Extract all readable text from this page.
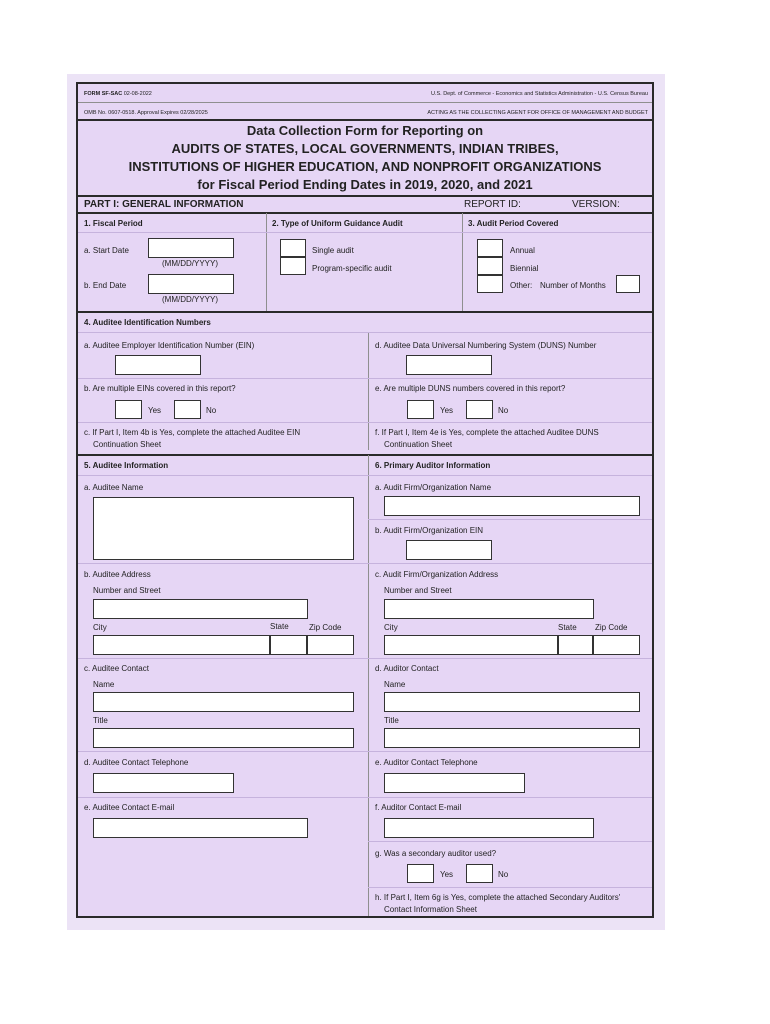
FORM SF-SAC 02-08-2022	U.S. Dept. of Commerce - Economics and Statistics Administration - U.S. Census Bureau
OMB No. 0607-0518. Approval Expires 02/28/2025	ACTING AS THE COLLECTING AGENT FOR OFFICE OF MANAGEMENT AND BUDGET
Data Collection Form for Reporting on
AUDITS OF STATES, LOCAL GOVERNMENTS, INDIAN TRIBES,
INSTITUTIONS OF HIGHER EDUCATION, AND NONPROFIT ORGANIZATIONS
for Fiscal Period Ending Dates in 2019, 2020, and 2021
PART I: GENERAL INFORMATION	REPORT ID:	VERSION:
1. Fiscal Period
a. Start Date
(MM/DD/YYYY)
b. End Date
(MM/DD/YYYY)
2. Type of Uniform Guidance Audit
Single audit
Program-specific audit
3. Audit Period Covered
Annual
Biennial
Other: Number of Months
4. Auditee Identification Numbers
a. Auditee Employer Identification Number (EIN)
b. Are multiple EINs covered in this report?
Yes	No
c. If Part I, Item 4b is Yes, complete the attached Auditee EIN
Continuation Sheet
d. Auditee Data Universal Numbering System (DUNS) Number
e. Are multiple DUNS numbers covered in this report?
Yes	No
f. If Part I, Item 4e is Yes, complete the attached Auditee DUNS
Continuation Sheet
5. Auditee Information	6. Primary Auditor Information
a. Auditee Name
b. Auditee Address
Number and Street
City	State	Zip Code
c. Auditee Contact
Name
Title
d. Auditee Contact Telephone
e. Auditee Contact E-mail
a. Audit Firm/Organization Name
b. Audit Firm/Organization EIN
c. Audit Firm/Organization Address
Number and Street
City	State Zip Code
d. Auditor Contact
Name
Title
e. Auditor Contact Telephone
f. Auditor Contact E-mail
g. Was a secondary auditor used?
Yes	No
h. If Part I, Item 6g is Yes, complete the attached Secondary Auditors'
Contact Information Sheet
